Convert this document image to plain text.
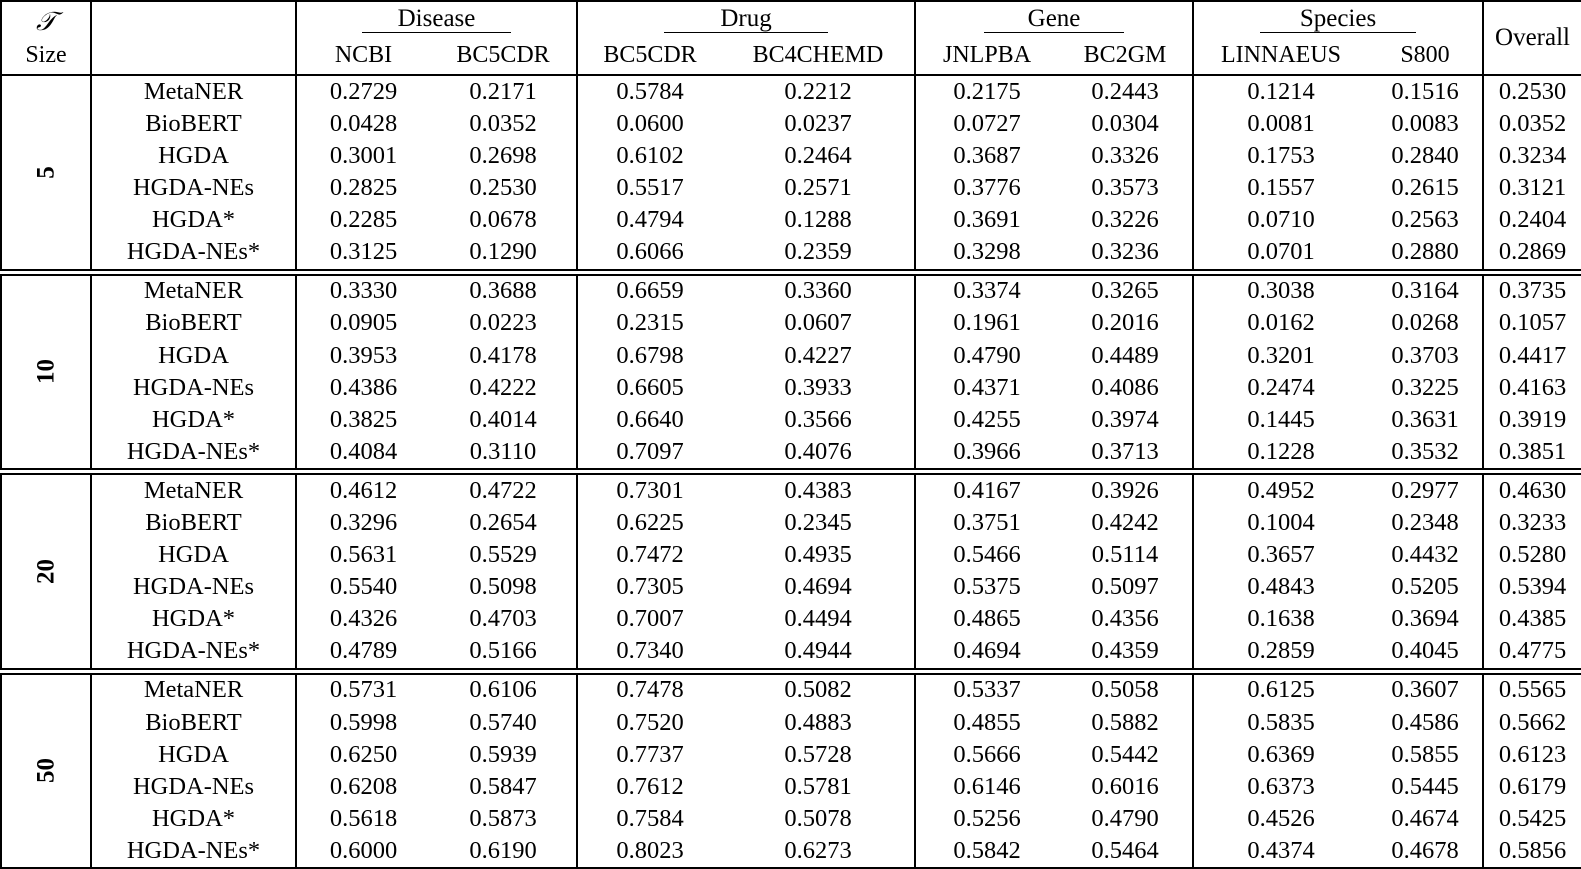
𝒯
Size		Disease		Drug		Gene		Species		Overall
		NCBI	BC5CDR	BC5CDR	BC4CHEMD	JNLPBA	BC2GM	LINNAEUS	S800	

5	MetaNER	0.2729	0.2171	0.5784	0.2212	0.2175	0.2443	0.1214	0.1516	0.2530
	BioBERT	0.0428	0.0352	0.0600	0.0237	0.0727	0.0304	0.0081	0.0083	0.0352
	HGDA	0.3001	0.2698	0.6102	0.2464	0.3687	0.3326	0.1753	0.2840	0.3234
	HGDA-NEs	0.2825	0.2530	0.5517	0.2571	0.3776	0.3573	0.1557	0.2615	0.3121
	HGDA*	0.2285	0.0678	0.4794	0.1288	0.3691	0.3226	0.0710	0.2563	0.2404
	HGDA-NEs*	0.3125	0.1290	0.6066	0.2359	0.3298	0.3236	0.0701	0.2880	0.2869

10	MetaNER	0.3330	0.3688	0.6659	0.3360	0.3374	0.3265	0.3038	0.3164	0.3735
	BioBERT	0.0905	0.0223	0.2315	0.0607	0.1961	0.2016	0.0162	0.0268	0.1057
	HGDA	0.3953	0.4178	0.6798	0.4227	0.4790	0.4489	0.3201	0.3703	0.4417
	HGDA-NEs	0.4386	0.4222	0.6605	0.3933	0.4371	0.4086	0.2474	0.3225	0.4163
	HGDA*	0.3825	0.4014	0.6640	0.3566	0.4255	0.3974	0.1445	0.3631	0.3919
	HGDA-NEs*	0.4084	0.3110	0.7097	0.4076	0.3966	0.3713	0.1228	0.3532	0.3851

20	MetaNER	0.4612	0.4722	0.7301	0.4383	0.4167	0.3926	0.4952	0.2977	0.4630
	BioBERT	0.3296	0.2654	0.6225	0.2345	0.3751	0.4242	0.1004	0.2348	0.3233
	HGDA	0.5631	0.5529	0.7472	0.4935	0.5466	0.5114	0.3657	0.4432	0.5280
	HGDA-NEs	0.5540	0.5098	0.7305	0.4694	0.5375	0.5097	0.4843	0.5205	0.5394
	HGDA*	0.4326	0.4703	0.7007	0.4494	0.4865	0.4356	0.1638	0.3694	0.4385
	HGDA-NEs*	0.4789	0.5166	0.7340	0.4944	0.4694	0.4359	0.2859	0.4045	0.4775

50	MetaNER	0.5731	0.6106	0.7478	0.5082	0.5337	0.5058	0.6125	0.3607	0.5565
	BioBERT	0.5998	0.5740	0.7520	0.4883	0.4855	0.5882	0.5835	0.4586	0.5662
	HGDA	0.6250	0.5939	0.7737	0.5728	0.5666	0.5442	0.6369	0.5855	0.6123
	HGDA-NEs	0.6208	0.5847	0.7612	0.5781	0.6146	0.6016	0.6373	0.5445	0.6179
	HGDA*	0.5618	0.5873	0.7584	0.5078	0.5256	0.4790	0.4526	0.4674	0.5425
	HGDA-NEs*	0.6000	0.6190	0.8023	0.6273	0.5842	0.5464	0.4374	0.4678	0.5856
